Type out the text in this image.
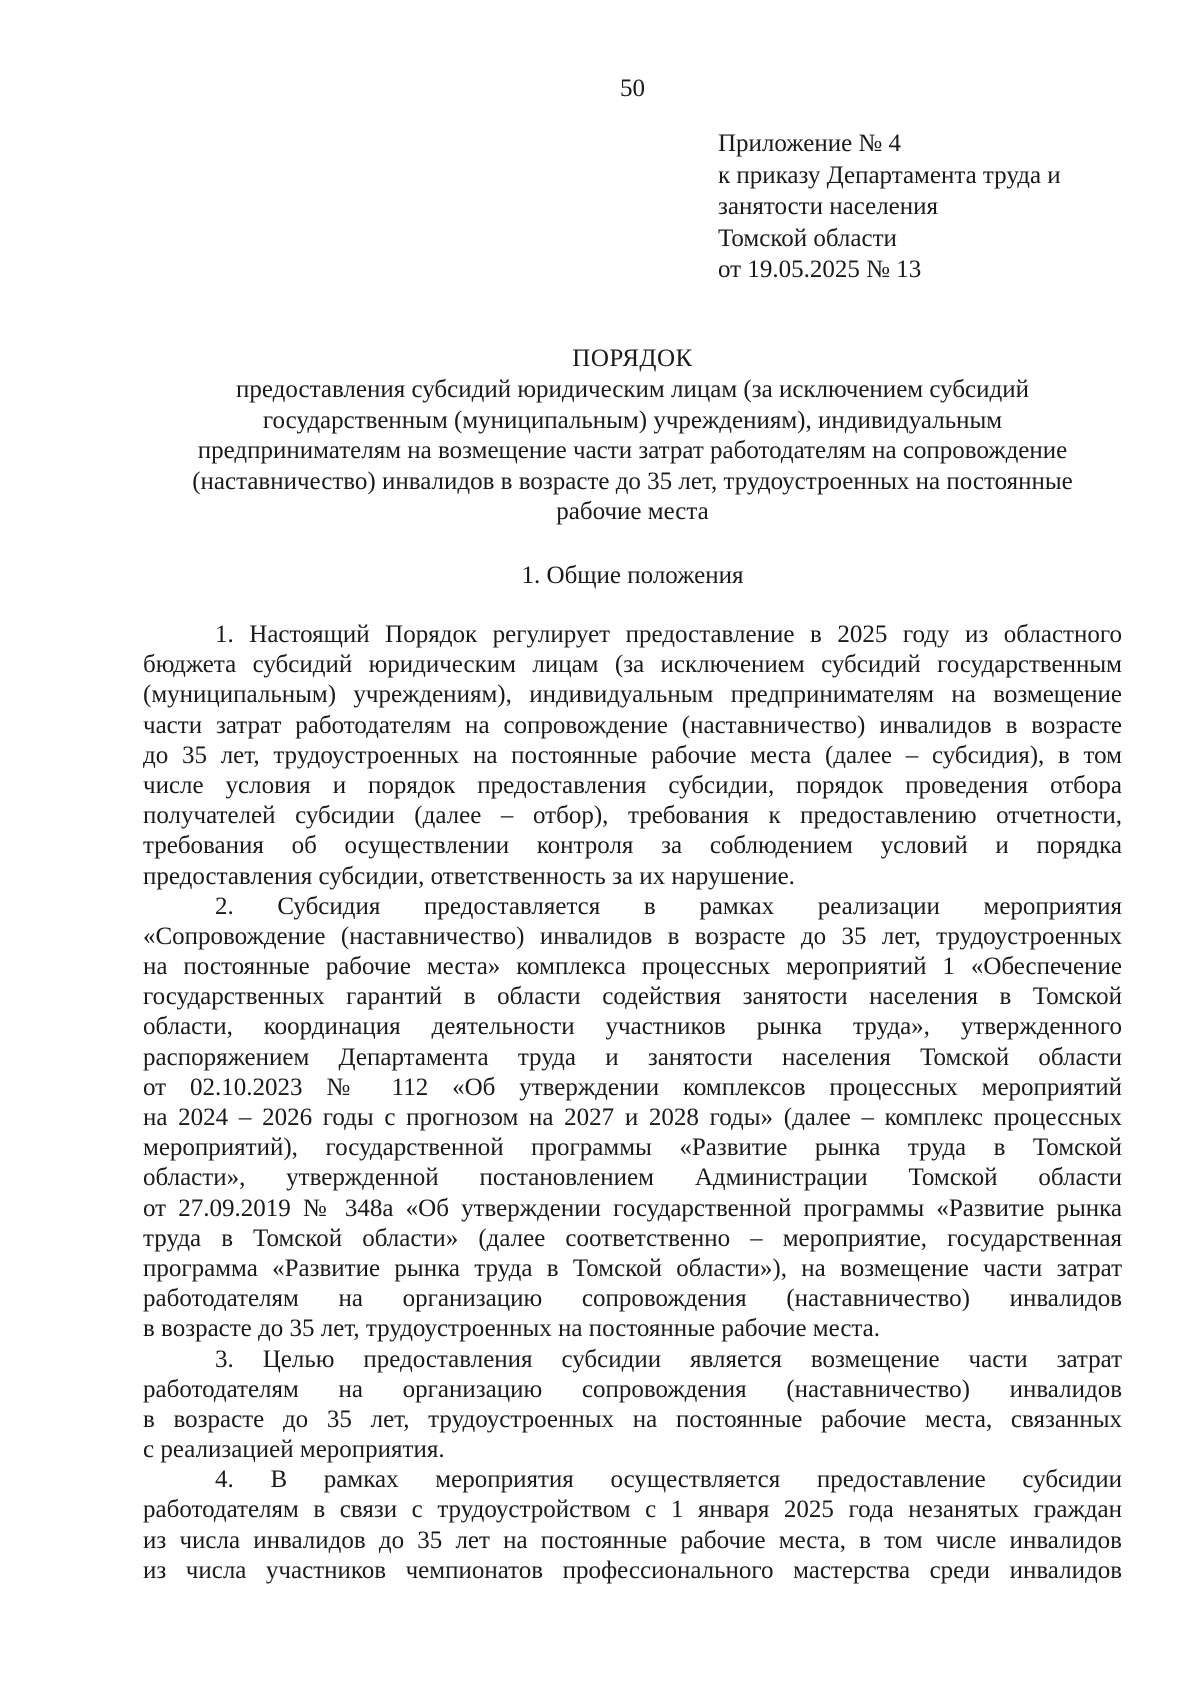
50
Приложение № 4
к приказу Департамента труда и
занятости населения
Томской области
от 19.05.2025 № 13
ПОРЯДОК
предоставления субсидий юридическим лицам (за исключением субсидий
государственным (муниципальным) учреждениям), индивидуальным
предпринимателям на возмещение части затрат работодателям на сопровождение
(наставничество) инвалидов в возрасте до 35 лет, трудоустроенных на постоянные
рабочие места
1. Общие положения
1. Настоящий Порядок регулирует предоставление в 2025 году из областного
бюджета субсидий юридическим лицам (за исключением субсидий государственным
(муниципальным) учреждениям), индивидуальным предпринимателям на возмещение
части затрат работодателям на сопровождение (наставничество) инвалидов в возрасте
до 35 лет, трудоустроенных на постоянные рабочие места (далее – субсидия), в том
числе условия и порядок предоставления субсидии, порядок проведения отбора
получателей субсидии (далее – отбор), требования к предоставлению отчетности,
требования об осуществлении контроля за соблюдением условий и порядка
предоставления субсидии, ответственность за их нарушение.
2. Субсидия предоставляется в рамках реализации мероприятия
«Сопровождение (наставничество) инвалидов в возрасте до 35 лет, трудоустроенных
на постоянные рабочие места» комплекса процессных мероприятий 1 «Обеспечение
государственных гарантий в области содействия занятости населения в Томской
области, координация деятельности участников рынка труда», утвержденного
распоряжением Департамента труда и занятости населения Томской области
от 02.10.2023 № 112 «Об утверждении комплексов процессных мероприятий
на 2024 – 2026 годы с прогнозом на 2027 и 2028 годы» (далее – комплекс процессных
мероприятий), государственной программы «Развитие рынка труда в Томской
области», утвержденной постановлением Администрации Томской области
от 27.09.2019 № 348а «Об утверждении государственной программы «Развитие рынка
труда в Томской области» (далее соответственно – мероприятие, государственная
программа «Развитие рынка труда в Томской области»), на возмещение части затрат
работодателям на организацию сопровождения (наставничество) инвалидов
в возрасте до 35 лет, трудоустроенных на постоянные рабочие места.
3. Целью предоставления субсидии является возмещение части затрат
работодателям на организацию сопровождения (наставничество) инвалидов
в возрасте до 35 лет, трудоустроенных на постоянные рабочие места, связанных
с реализацией мероприятия.
4. В рамках мероприятия осуществляется предоставление субсидии
работодателям в связи с трудоустройством с 1 января 2025 года незанятых граждан
из числа инвалидов до 35 лет на постоянные рабочие места, в том числе инвалидов
из числа участников чемпионатов профессионального мастерства среди инвалидов
